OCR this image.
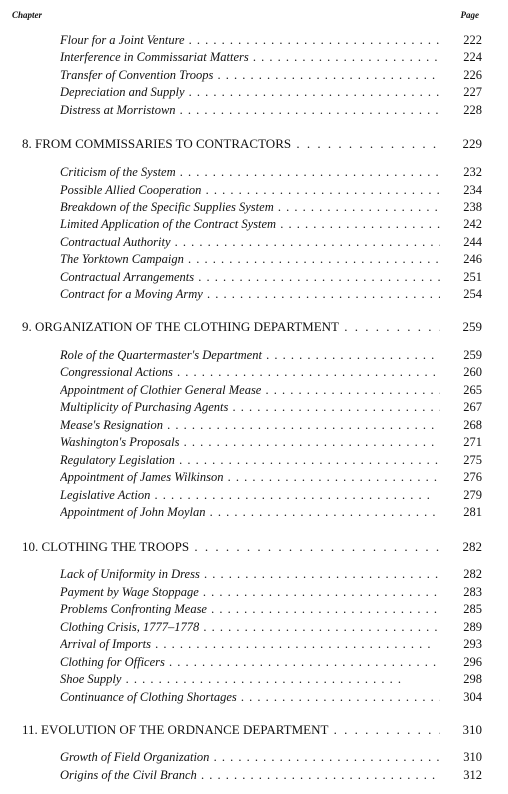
Chapter	Page
Flour for a Joint Venture . .	222
Interference in Commissariat Matters . .	224
Transfer of Convention Troops . .	226
Depreciation and Supply . .	227
Distress at Morristown . .	228
8. FROM COMMISSARIES TO CONTRACTORS . .	229
Criticism of the System . .	232
Possible Allied Cooperation . .	234
Breakdown of the Specific Supplies System . .	238
Limited Application of the Contract System . .	242
Contractual Authority . .	244
The Yorktown Campaign . .	246
Contractual Arrangements . .	251
Contract for a Moving Army . .	254
9. ORGANIZATION OF THE CLOTHING DEPARTMENT . .	259
Role of the Quartermaster's Department . .	259
Congressional Actions . .	260
Appointment of Clothier General Mease . .	265
Multiplicity of Purchasing Agents . .	267
Mease's Resignation . .	268
Washington's Proposals . .	271
Regulatory Legislation . .	275
Appointment of James Wilkinson . .	276
Legislative Action . .	279
Appointment of John Moylan . .	281
10. CLOTHING THE TROOPS . .	282
Lack of Uniformity in Dress . .	282
Payment by Wage Stoppage . .	283
Problems Confronting Mease . .	285
Clothing Crisis, 1777–1778 . .	289
Arrival of Imports . .	293
Clothing for Officers . .	296
Shoe Supply . .	298
Continuance of Clothing Shortages . .	304
11. EVOLUTION OF THE ORDNANCE DEPARTMENT . .	310
Growth of Field Organization . .	310
Origins of the Civil Branch . .	312
